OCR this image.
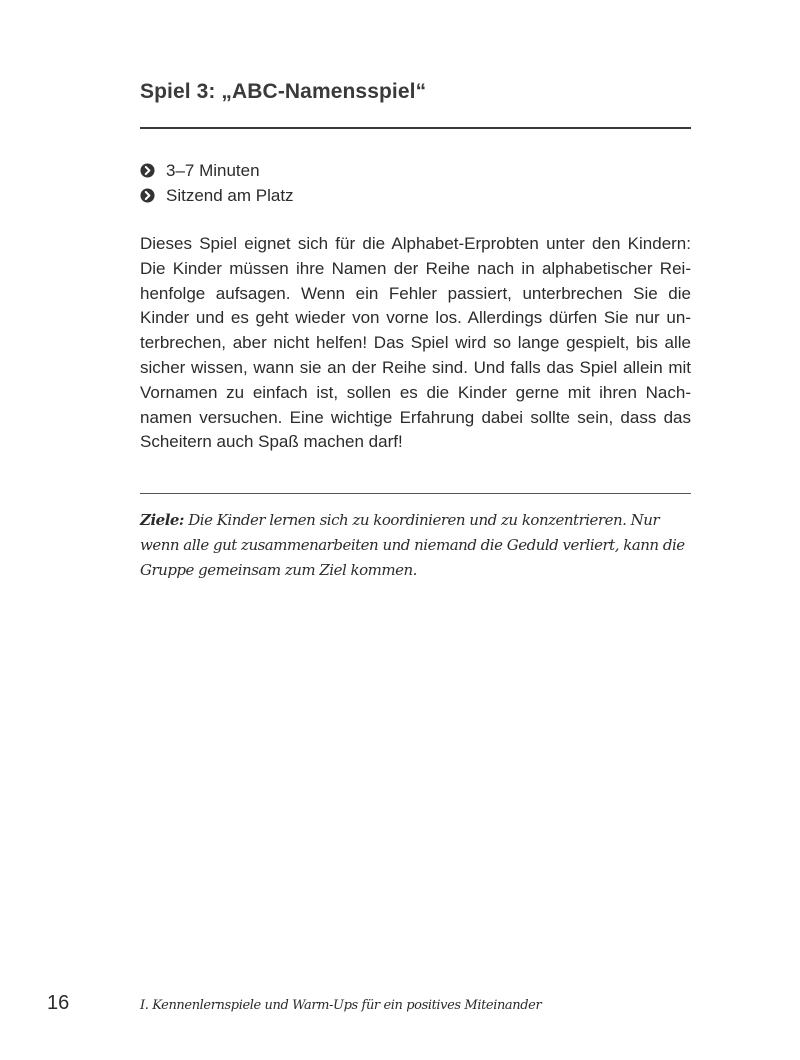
Spiel 3: „ABC-Namensspiel“
3–7 Minuten
Sitzend am Platz

Dieses Spiel eignet sich für die Alphabet-Erprobten unter den Kindern: Die Kinder müssen ihre Namen der Reihe nach in alphabetischer Reihenfolge aufsagen. Wenn ein Fehler passiert, unterbrechen Sie die Kinder und es geht wieder von vorne los. Allerdings dürfen Sie nur unterbrechen, aber nicht helfen! Das Spiel wird so lange gespielt, bis alle sicher wissen, wann sie an der Reihe sind. Und falls das Spiel allein mit Vornamen zu einfach ist, sollen es die Kinder gerne mit ihren Nachnamen versuchen. Eine wichtige Erfahrung dabei sollte sein, dass das Scheitern auch Spaß machen darf!

Ziele: Die Kinder lernen sich zu koordinieren und zu konzentrieren. Nur wenn alle gut zusammenarbeiten und niemand die Geduld verliert, kann die Gruppe gemeinsam zum Ziel kommen.

16	I. Kennenlernspiele und Warm-Ups für ein positives Miteinander
